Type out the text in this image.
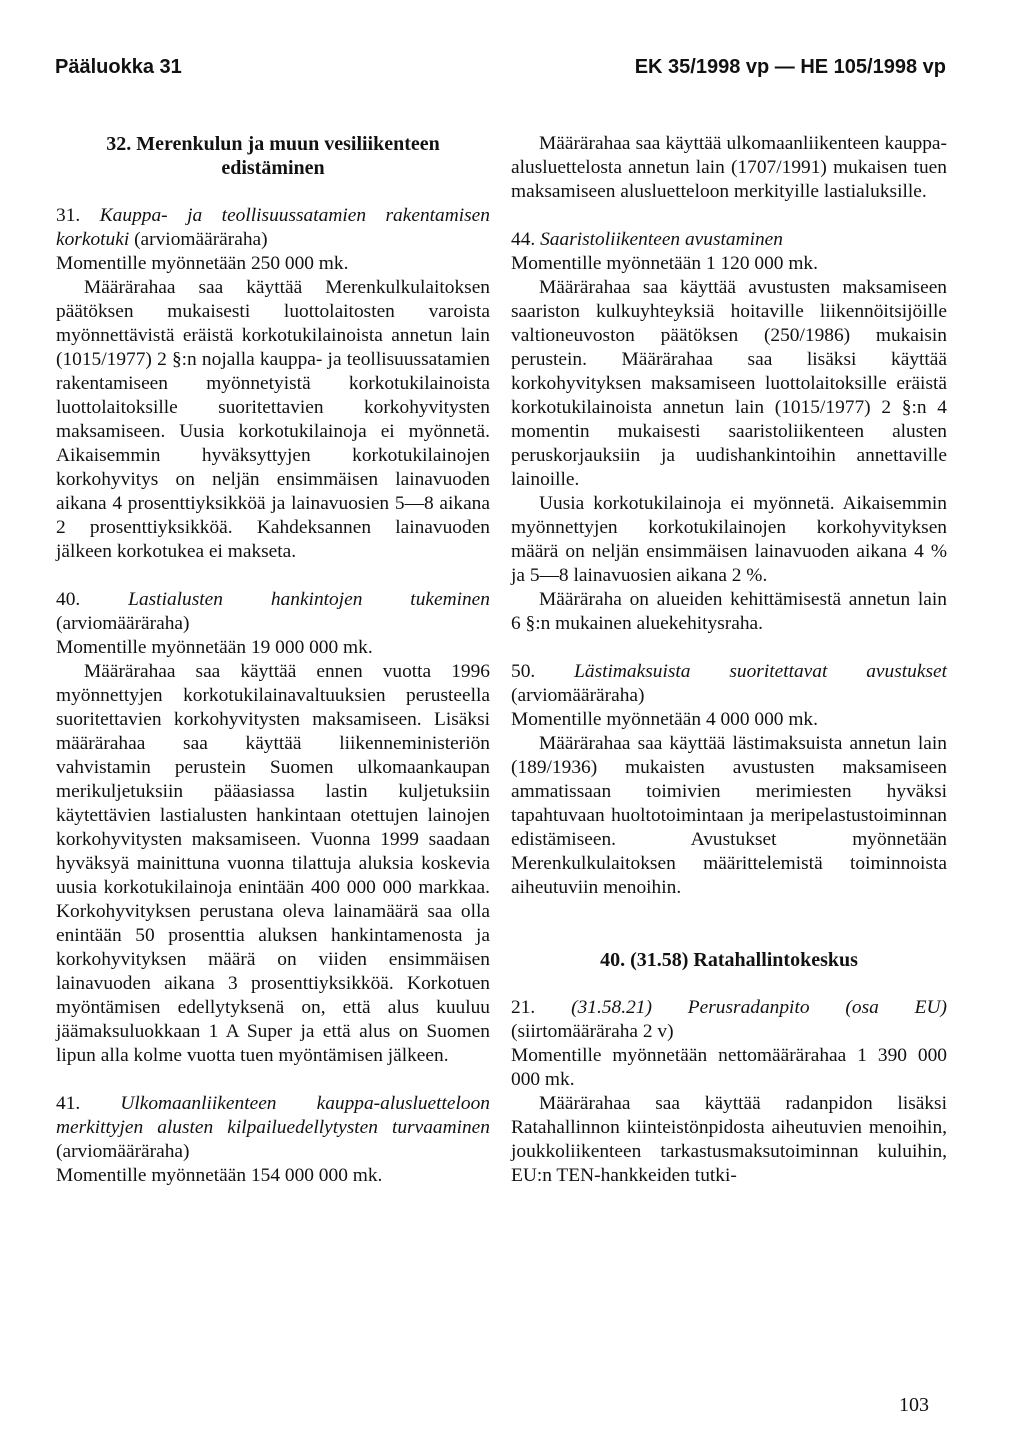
Pääluokka 31	EK 35/1998 vp — HE 105/1998 vp

32. Merenkulun ja muun vesiliikenteen edistäminen

31. Kauppa- ja teollisuussatamien rakentamisen korkotuki (arviomääräraha)

Momentille myönnetään 250 000 mk.

Määrärahaa saa käyttää Merenkulkulaitoksen päätöksen mukaisesti luottolaitosten varoista myönnettävistä eräistä korkotukilainoista annetun lain (1015/1977) 2 §:n nojalla kauppa- ja teollisuussatamien rakentamiseen myönnetyistä korkotukilainoista luottolaitoksille suoritettavien korkohyvitysten maksamiseen. Uusia korkotukilainoja ei myönnetä. Aikaisemmin hyväksyttyjen korkotukilainojen korkohyvitys on neljän ensimmäisen lainavuoden aikana 4 prosenttiyksikköä ja lainavuosien 5—8 aikana 2 prosenttiyksikköä. Kahdeksannen lainavuoden jälkeen korkotukea ei makseta.

40. Lastialusten hankintojen tukeminen (arviomääräraha)

Momentille myönnetään 19 000 000 mk.

Määrärahaa saa käyttää ennen vuotta 1996 myönnettyjen korkotukilainavaltuuksien perusteella suoritettavien korkohyvitysten maksamiseen. Lisäksi määrärahaa saa käyttää liikenneministeriön vahvistamin perustein Suomen ulkomaankaupan merikuljetuksiin pääasiassa lastin kuljetuksiin käytettävien lastialusten hankintaan otettujen lainojen korkohyvitysten maksamiseen. Vuonna 1999 saadaan hyväksyä mainittuna vuonna tilattuja aluksia koskevia uusia korkotukilainoja enintään 400 000 000 markkaa. Korkohyvityksen perustana oleva lainamäärä saa olla enintään 50 prosenttia aluksen hankintamenosta ja korkohyvityksen määrä on viiden ensimmäisen lainavuoden aikana 3 prosenttiyksikköä. Korkotuen myöntämisen edellytyksenä on, että alus kuuluu jäämaksuluokkaan 1 A Super ja että alus on Suomen lipun alla kolme vuotta tuen myöntämisen jälkeen.

41. Ulkomaanliikenteen kauppa-alusluetteloon merkittyjen alusten kilpailuedellytysten turvaaminen (arviomääräraha)

Momentille myönnetään 154 000 000 mk.

Määrärahaa saa käyttää ulkomaanliikenteen kauppa-alusluettelosta annetun lain (1707/1991) mukaisen tuen maksamiseen alusluetteloon merkityille lastialuksille.

44. Saaristoliikenteen avustaminen

Momentille myönnetään 1 120 000 mk.

Määrärahaa saa käyttää avustusten maksamiseen saariston kulkuyhteyksiä hoitaville liikennöitsijöille valtioneuvoston päätöksen (250/1986) mukaisin perustein. Määrärahaa saa lisäksi käyttää korkohyvityksen maksamiseen luottolaitoksille eräistä korkotukilainoista annetun lain (1015/1977) 2 §:n 4 momentin mukaisesti saaristoliikenteen alusten peruskorjauksiin ja uudishankintoihin annettaville lainoille.

Uusia korkotukilainoja ei myönnetä. Aikaisemmin myönnettyjen korkotukilainojen korkohyvityksen määrä on neljän ensimmäisen lainavuoden aikana 4 % ja 5—8 lainavuosien aikana 2 %.

Määräraha on alueiden kehittämisestä annetun lain 6 §:n mukainen aluekehitysraha.

50. Lästimaksuista suoritettavat avustukset (arviomääräraha)

Momentille myönnetään 4 000 000 mk.

Määrärahaa saa käyttää lästimaksuista annetun lain (189/1936) mukaisten avustusten maksamiseen ammatissaan toimivien merimiesten hyväksi tapahtuvaan huoltotoimintaan ja meripelastustoiminnan edistämiseen. Avustukset myönnetään Merenkulkulaitoksen määrittelemistä toiminnoista aiheutuviin menoihin.

40. (31.58) Ratahallintokeskus

21. (31.58.21) Perusradanpito (osa EU) (siirtomääräraha 2 v)

Momentille myönnetään nettomäärärahaa 1 390 000 000 mk.

Määrärahaa saa käyttää radanpidon lisäksi Ratahallinnon kiinteistönpidosta aiheutuvien menoihin, joukkoliikenteen tarkastusmaksutoiminnan kuluihin, EU:n TEN-hankkeiden tutki-

103
